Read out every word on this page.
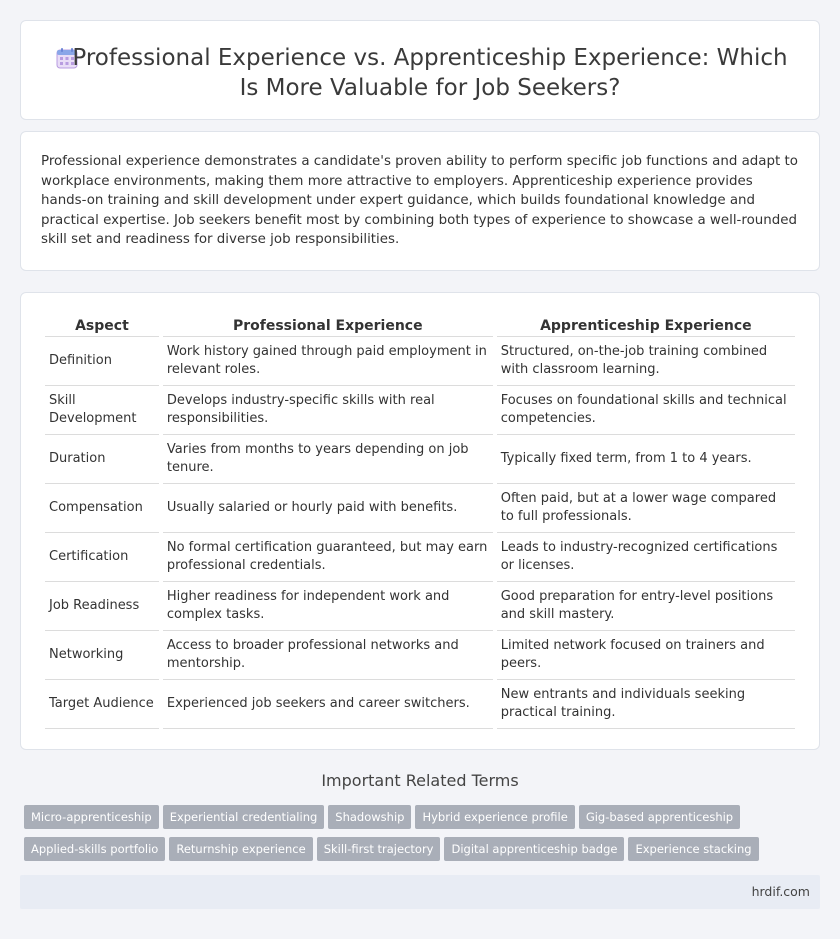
Professional Experience vs. Apprenticeship Experience: Which Is More Valuable for Job Seekers?

Professional experience demonstrates a candidate's proven ability to perform specific job functions and adapt to workplace environments, making them more attractive to employers. Apprenticeship experience provides hands-on training and skill development under expert guidance, which builds foundational knowledge and practical expertise. Job seekers benefit most by combining both types of experience to showcase a well-rounded skill set and readiness for diverse job responsibilities.

Aspect	Professional Experience	Apprenticeship Experience
Definition	Work history gained through paid employment in relevant roles.	Structured, on-the-job training combined with classroom learning.
Skill Development	Develops industry-specific skills with real responsibilities.	Focuses on foundational skills and technical competencies.
Duration	Varies from months to years depending on job tenure.	Typically fixed term, from 1 to 4 years.
Compensation	Usually salaried or hourly paid with benefits.	Often paid, but at a lower wage compared to full professionals.
Certification	No formal certification guaranteed, but may earn professional credentials.	Leads to industry-recognized certifications or licenses.
Job Readiness	Higher readiness for independent work and complex tasks.	Good preparation for entry-level positions and skill mastery.
Networking	Access to broader professional networks and mentorship.	Limited network focused on trainers and peers.
Target Audience	Experienced job seekers and career switchers.	New entrants and individuals seeking practical training.
Important Related Terms
Micro-apprenticeship Experiential credentialing Shadowship Hybrid experience profile Gig-based apprenticeship
Applied-skills portfolio Returnship experience Skill-first trajectory Digital apprenticeship badge Experience stacking
hrdif.com
